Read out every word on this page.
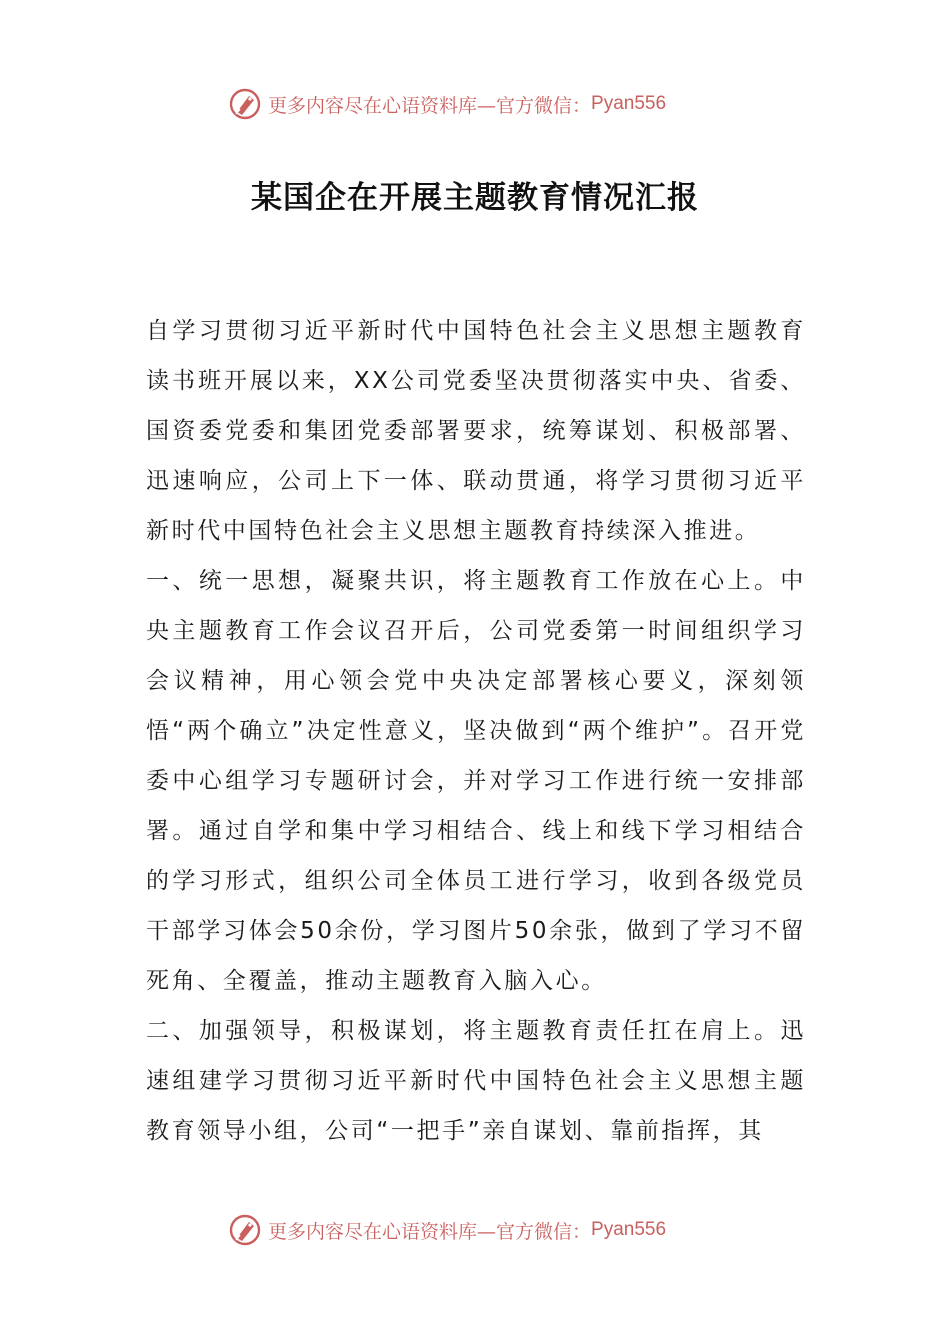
更多内容尽在心语资料库—官方微信： Pyan556
某国企在开展主题教育情况汇报

自学习贯彻习近平新时代中国特色社会主义思想主题教育读书班开展以来，XX公司党委坚决贯彻落实中央、省委、国资委党委和集团党委部署要求，统筹谋划、积极部署、迅速响应，公司上下一体、联动贯通，将学习贯彻习近平新时代中国特色社会主义思想主题教育持续深入推进。

一、统一思想，凝聚共识，将主题教育工作放在心上。中央主题教育工作会议召开后，公司党委第一时间组织学习会议精神，用心领会党中央决定部署核心要义，深刻领悟“两个确立”决定性意义，坚决做到“两个维护”。召开党委中心组学习专题研讨会，并对学习工作进行统一安排部署。通过自学和集中学习相结合、线上和线下学习相结合的学习形式，组织公司全体员工进行学习，收到各级党员干部学习体会50余份，学习图片50余张，做到了学习不留死角、全覆盖，推动主题教育入脑入心。

二、加强领导，积极谋划，将主题教育责任扛在肩上。迅速组建学习贯彻习近平新时代中国特色社会主义思想主题教育领导小组，公司“一把手”亲自谋划、靠前指挥，其

更多内容尽在心语资料库—官方微信： Pyan556
